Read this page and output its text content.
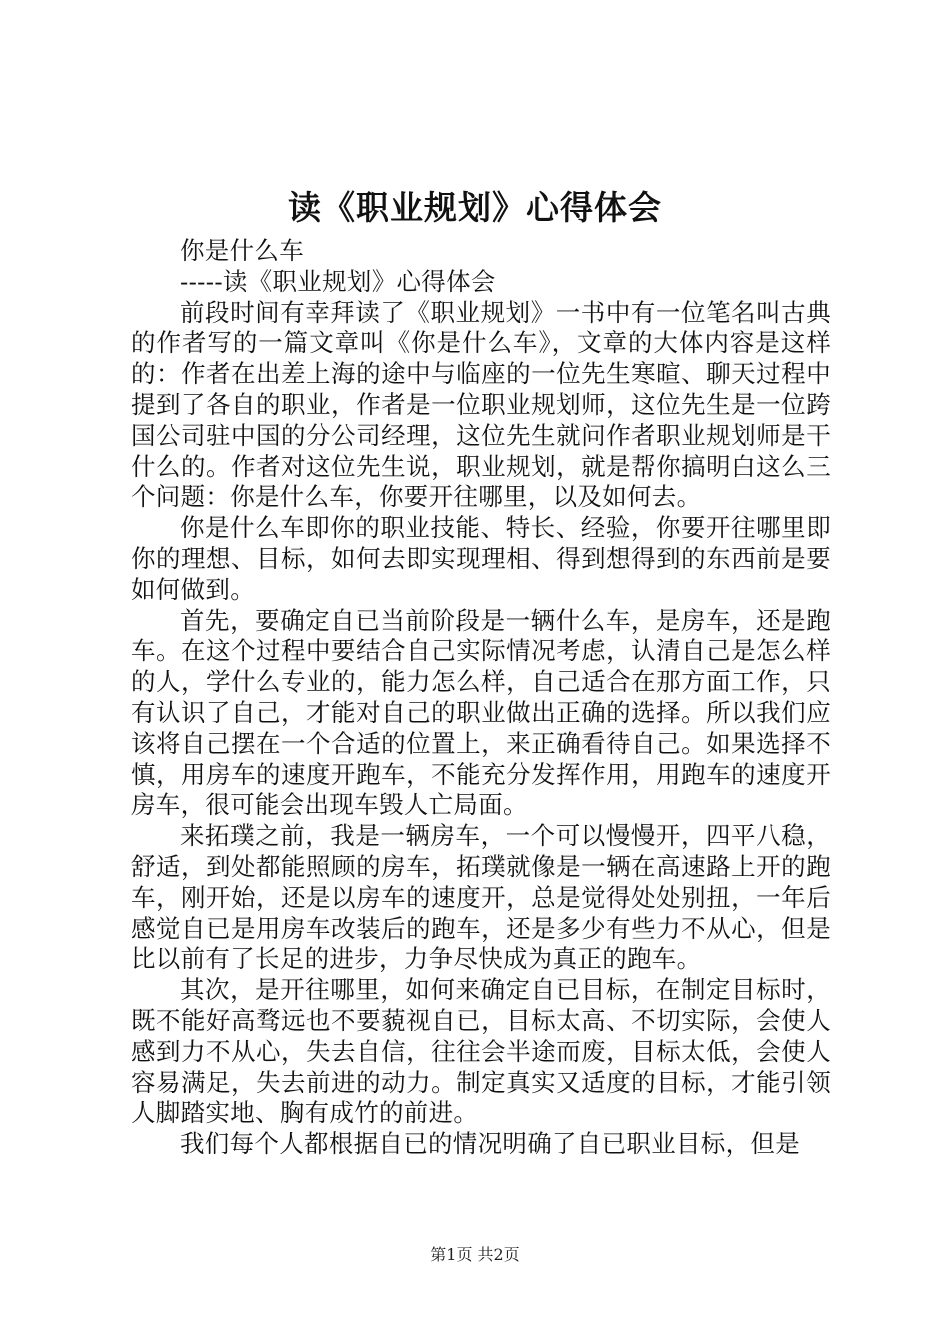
读《职业规划》心得体会

你是什么车

-----读《职业规划》心得体会

前段时间有幸拜读了《职业规划》一书中有一位笔名叫古典的作者写的一篇文章叫《你是什么车》，文章的大体内容是这样的：作者在出差上海的途中与临座的一位先生寒暄、聊天过程中提到了各自的职业，作者是一位职业规划师，这位先生是一位跨国公司驻中国的分公司经理，这位先生就问作者职业规划师是干什么的。作者对这位先生说，职业规划，就是帮你搞明白这么三个问题：你是什么车，你要开往哪里，以及如何去。

你是什么车即你的职业技能、特长、经验，你要开往哪里即你的理想、目标，如何去即实现理相、得到想得到的东西前是要如何做到。

首先，要确定自已当前阶段是一辆什么车，是房车，还是跑车。在这个过程中要结合自己实际情况考虑，认清自己是怎么样的人，学什么专业的，能力怎么样，自己适合在那方面工作，只有认识了自己，才能对自己的职业做出正确的选择。所以我们应该将自己摆在一个合适的位置上，来正确看待自己。如果选择不慎，用房车的速度开跑车，不能充分发挥作用，用跑车的速度开房车，很可能会出现车毁人亡局面。

来拓璞之前，我是一辆房车，一个可以慢慢开，四平八稳，舒适，到处都能照顾的房车，拓璞就像是一辆在高速路上开的跑车，刚开始，还是以房车的速度开，总是觉得处处别扭，一年后感觉自已是用房车改装后的跑车，还是多少有些力不从心，但是比以前有了长足的进步，力争尽快成为真正的跑车。

其次，是开往哪里，如何来确定自已目标，在制定目标时，既不能好高骛远也不要藐视自已，目标太高、不切实际，会使人感到力不从心，失去自信，往往会半途而废，目标太低，会使人容易满足，失去前进的动力。制定真实又适度的目标，才能引领人脚踏实地、胸有成竹的前进。

我们每个人都根据自已的情况明确了自已职业目标，但是

第1页 共2页
